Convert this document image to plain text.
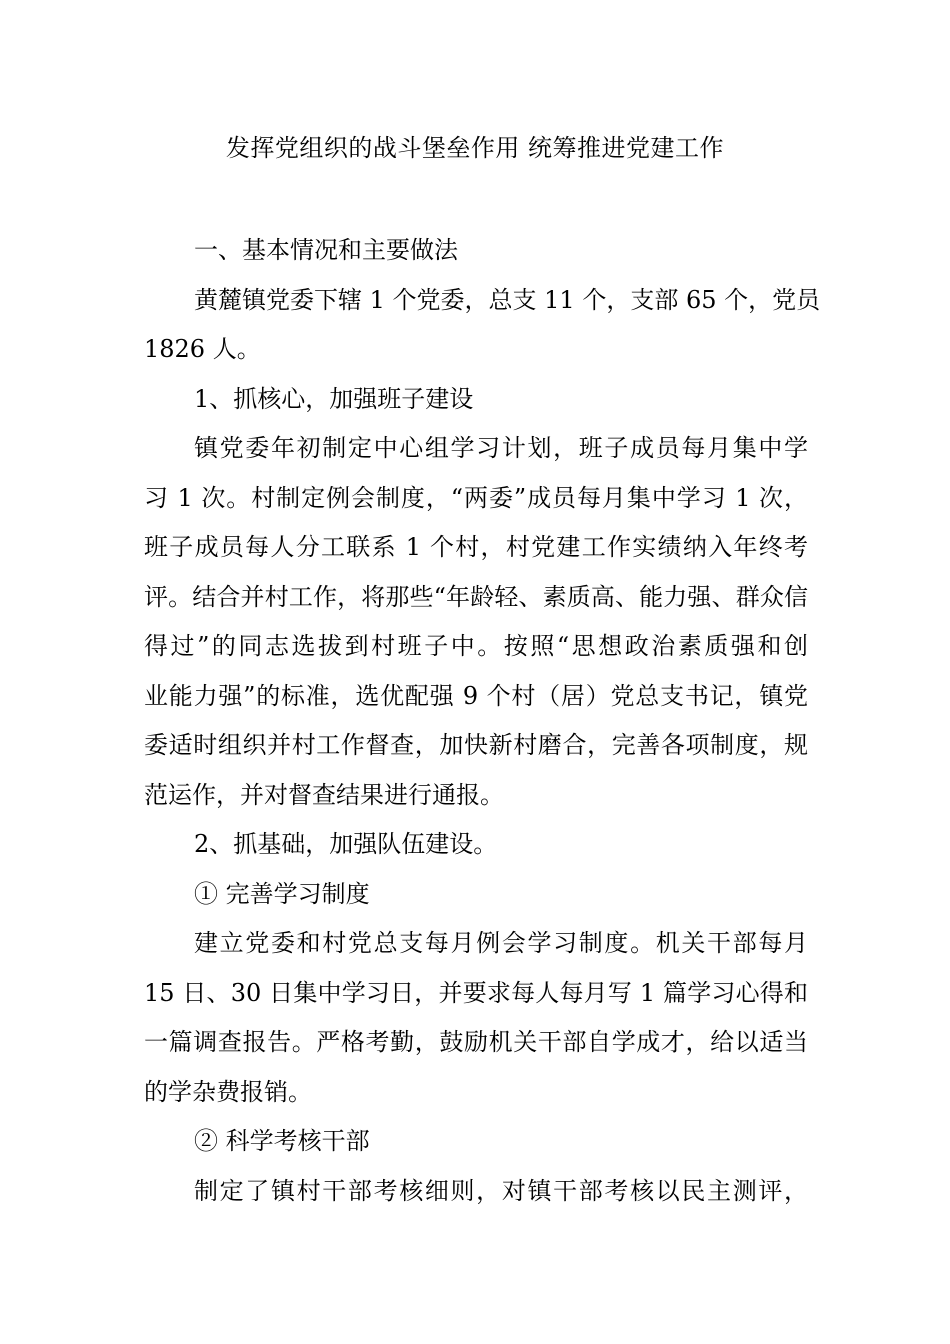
发挥党组织的战斗堡垒作用 统筹推进党建工作
一、基本情况和主要做法
黄麓镇党委下辖 1 个党委，总支 11 个，支部 65 个，党员
1826 人。
1、抓核心，加强班子建设
镇党委年初制定中心组学习计划，班子成员每月集中学
习 1 次。村制定例会制度，“两委”成员每月集中学习 1 次，
班子成员每人分工联系 1 个村，村党建工作实绩纳入年终考
评。结合并村工作，将那些“年龄轻、素质高、能力强、群众信
得过”的同志选拔到村班子中。按照“思想政治素质强和创
业能力强”的标准，选优配强 9 个村（居）党总支书记，镇党
委适时组织并村工作督查，加快新村磨合，完善各项制度，规
范运作，并对督查结果进行通报。
2、抓基础，加强队伍建设。
① 完善学习制度
建立党委和村党总支每月例会学习制度。机关干部每月
15 日、30 日集中学习日，并要求每人每月写 1 篇学习心得和
一篇调查报告。严格考勤，鼓励机关干部自学成才，给以适当
的学杂费报销。
② 科学考核干部
制定了镇村干部考核细则，对镇干部考核以民主测评，
